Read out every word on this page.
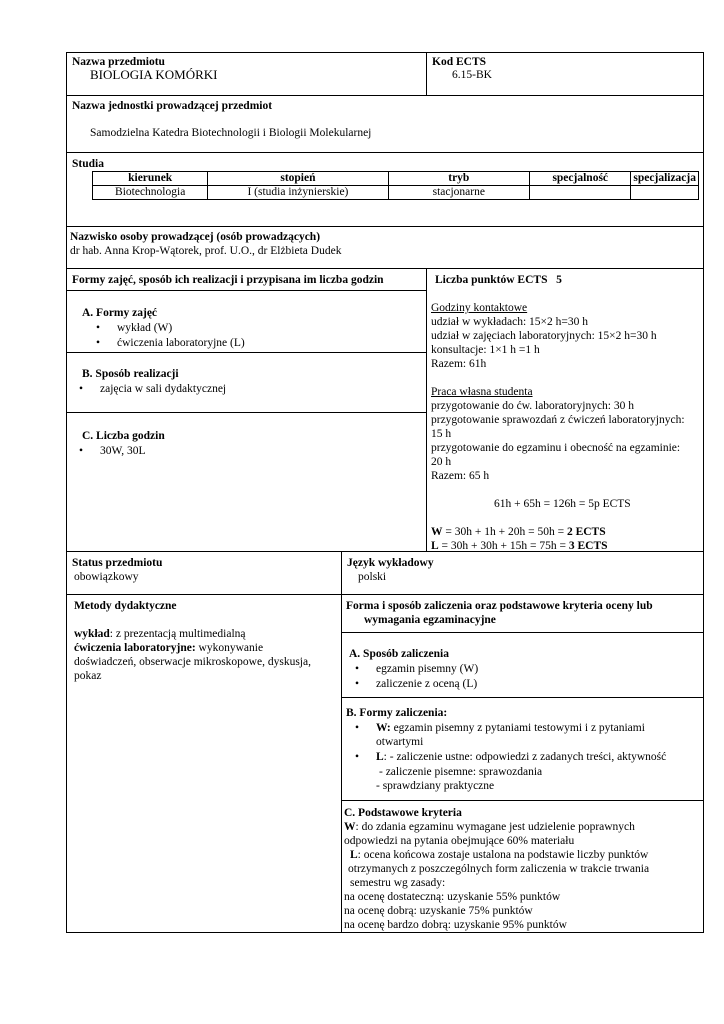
Nazwa przedmiotu
BIOLOGIA KOMÓRKI
Kod ECTS
6.15-BK
Nazwa jednostki prowadzącej przedmiot
Samodzielna Katedra Biotechnologii i Biologii Molekularnej
Studia
kierunek	stopień	tryb	specjalność	specjalizacja
Biotechnologia	I (studia inżynierskie)	stacjonarne		
Nazwisko osoby prowadzącej (osób prowadzących)
dr hab. Anna Krop-Wątorek, prof. U.O., dr Elżbieta Dudek
Formy zajęć, sposób ich realizacji i przypisana im liczba godzin
A. Formy zajęć
• wykład (W)
• ćwiczenia laboratoryjne (L)
B. Sposób realizacji
• zajęcia w sali dydaktycznej
C. Liczba godzin
• 30W, 30L
Liczba punktów ECTS 5
Godziny kontaktowe
udział w wykładach: 15×2 h=30 h
udział w zajęciach laboratoryjnych: 15×2 h=30 h
konsultacje: 1×1 h =1 h
Razem: 61h
Praca własna studenta
przygotowanie do ćw. laboratoryjnych: 30 h
przygotowanie sprawozdań z ćwiczeń laboratoryjnych:
15 h
przygotowanie do egzaminu i obecność na egzaminie:
20 h
Razem: 65 h
61h + 65h = 126h = 5p ECTS
W = 30h + 1h + 20h = 50h = 2 ECTS
L = 30h + 30h + 15h = 75h = 3 ECTS
Status przedmiotu
obowiązkowy
Język wykładowy
polski
Metody dydaktyczne
wykład: z prezentacją multimedialną
ćwiczenia laboratoryjne: wykonywanie
doświadczeń, obserwacje mikroskopowe, dyskusja,
pokaz
Forma i sposób zaliczenia oraz podstawowe kryteria oceny lub
wymagania egzaminacyjne
A. Sposób zaliczenia
• egzamin pisemny (W)
• zaliczenie z oceną (L)
B. Formy zaliczenia:
• W: egzamin pisemny z pytaniami testowymi i z pytaniami
otwartymi
• L: - zaliczenie ustne: odpowiedzi z zadanych treści, aktywność
- zaliczenie pisemne: sprawozdania
- sprawdziany praktyczne
C. Podstawowe kryteria
W: do zdania egzaminu wymagane jest udzielenie poprawnych
odpowiedzi na pytania obejmujące 60% materiału
L: ocena końcowa zostaje ustalona na podstawie liczby punktów
otrzymanych z poszczególnych form zaliczenia w trakcie trwania
semestru wg zasady:
na ocenę dostateczną: uzyskanie 55% punktów
na ocenę dobrą: uzyskanie 75% punktów
na ocenę bardzo dobrą: uzyskanie 95% punktów
